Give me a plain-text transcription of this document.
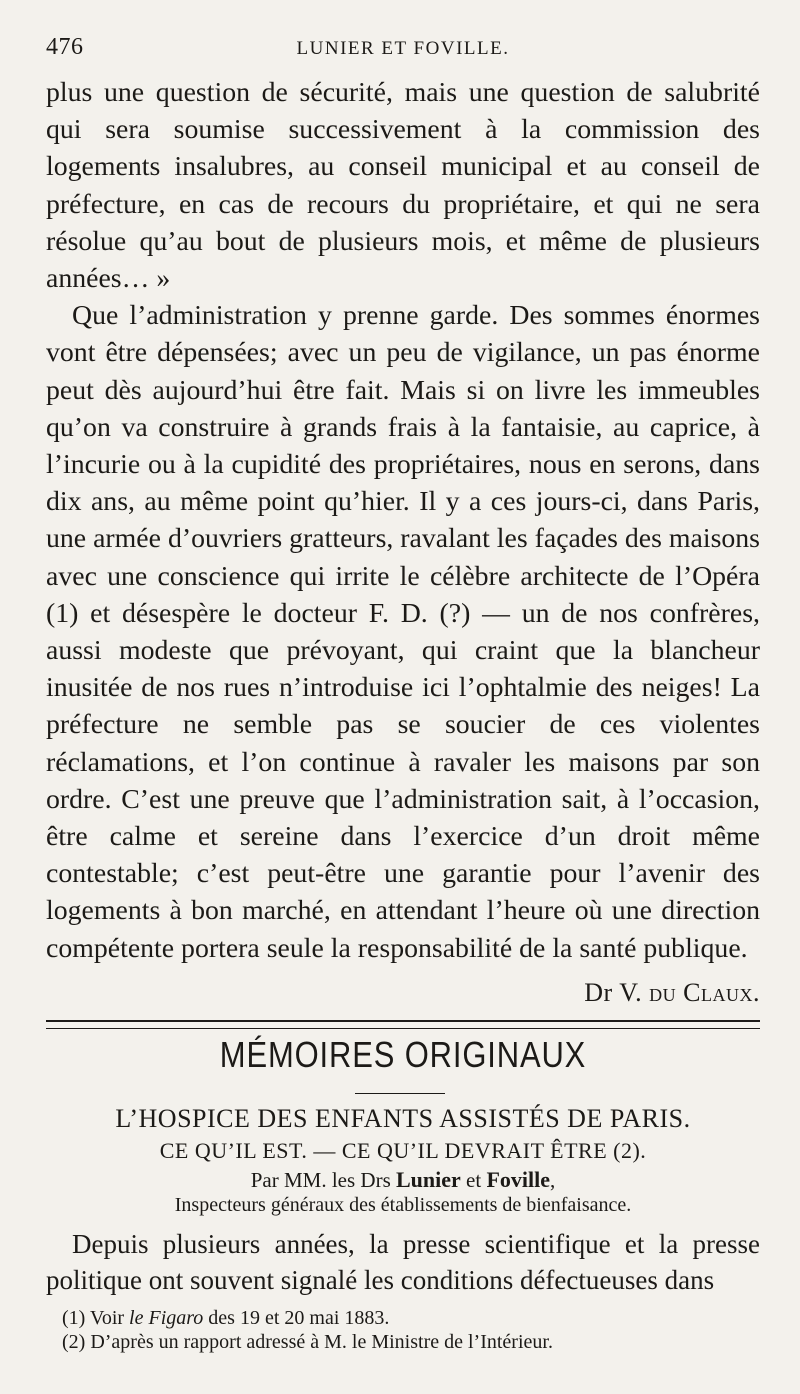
476	LUNIER ET FOVILLE.

plus une question de sécurité, mais une question de salubrité qui sera soumise successivement à la commission des logements insalubres, au conseil municipal et au conseil de préfecture, en cas de recours du propriétaire, et qui ne sera résolue qu’au bout de plusieurs mois, et même de plusieurs années… »

Que l’administration y prenne garde. Des sommes énormes vont être dépensées; avec un peu de vigilance, un pas énorme peut dès aujourd’hui être fait. Mais si on livre les immeubles qu’on va construire à grands frais à la fantaisie, au caprice, à l’incurie ou à la cupidité des propriétaires, nous en serons, dans dix ans, au même point qu’hier. Il y a ces jours-ci, dans Paris, une armée d’ouvriers gratteurs, ravalant les façades des maisons avec une conscience qui irrite le célèbre architecte de l’Opéra (1) et désespère le docteur F. D. (?) — un de nos confrères, aussi modeste que prévoyant, qui craint que la blancheur inusitée de nos rues n’introduise ici l’ophtalmie des neiges! La préfecture ne semble pas se soucier de ces violentes réclamations, et l’on continue à ravaler les maisons par son ordre. C’est une preuve que l’administration sait, à l’occasion, être calme et sereine dans l’exercice d’un droit même contestable; c’est peut-être une garantie pour l’avenir des logements à bon marché, en attendant l’heure où une direction compétente portera seule la responsabilité de la santé publique.

Dr V. du Claux.
MÉMOIRES ORIGINAUX
L’HOSPICE DES ENFANTS ASSISTÉS DE PARIS.
CE QU’IL EST. — CE QU’IL DEVRAIT ÊTRE (2).
Par MM. les Drs Lunier et Foville,
Inspecteurs généraux des établissements de bienfaisance.

Depuis plusieurs années, la presse scientifique et la presse politique ont souvent signalé les conditions défectueuses dans

(1) Voir le Figaro des 19 et 20 mai 1883.
(2) D’après un rapport adressé à M. le Ministre de l’Intérieur.
